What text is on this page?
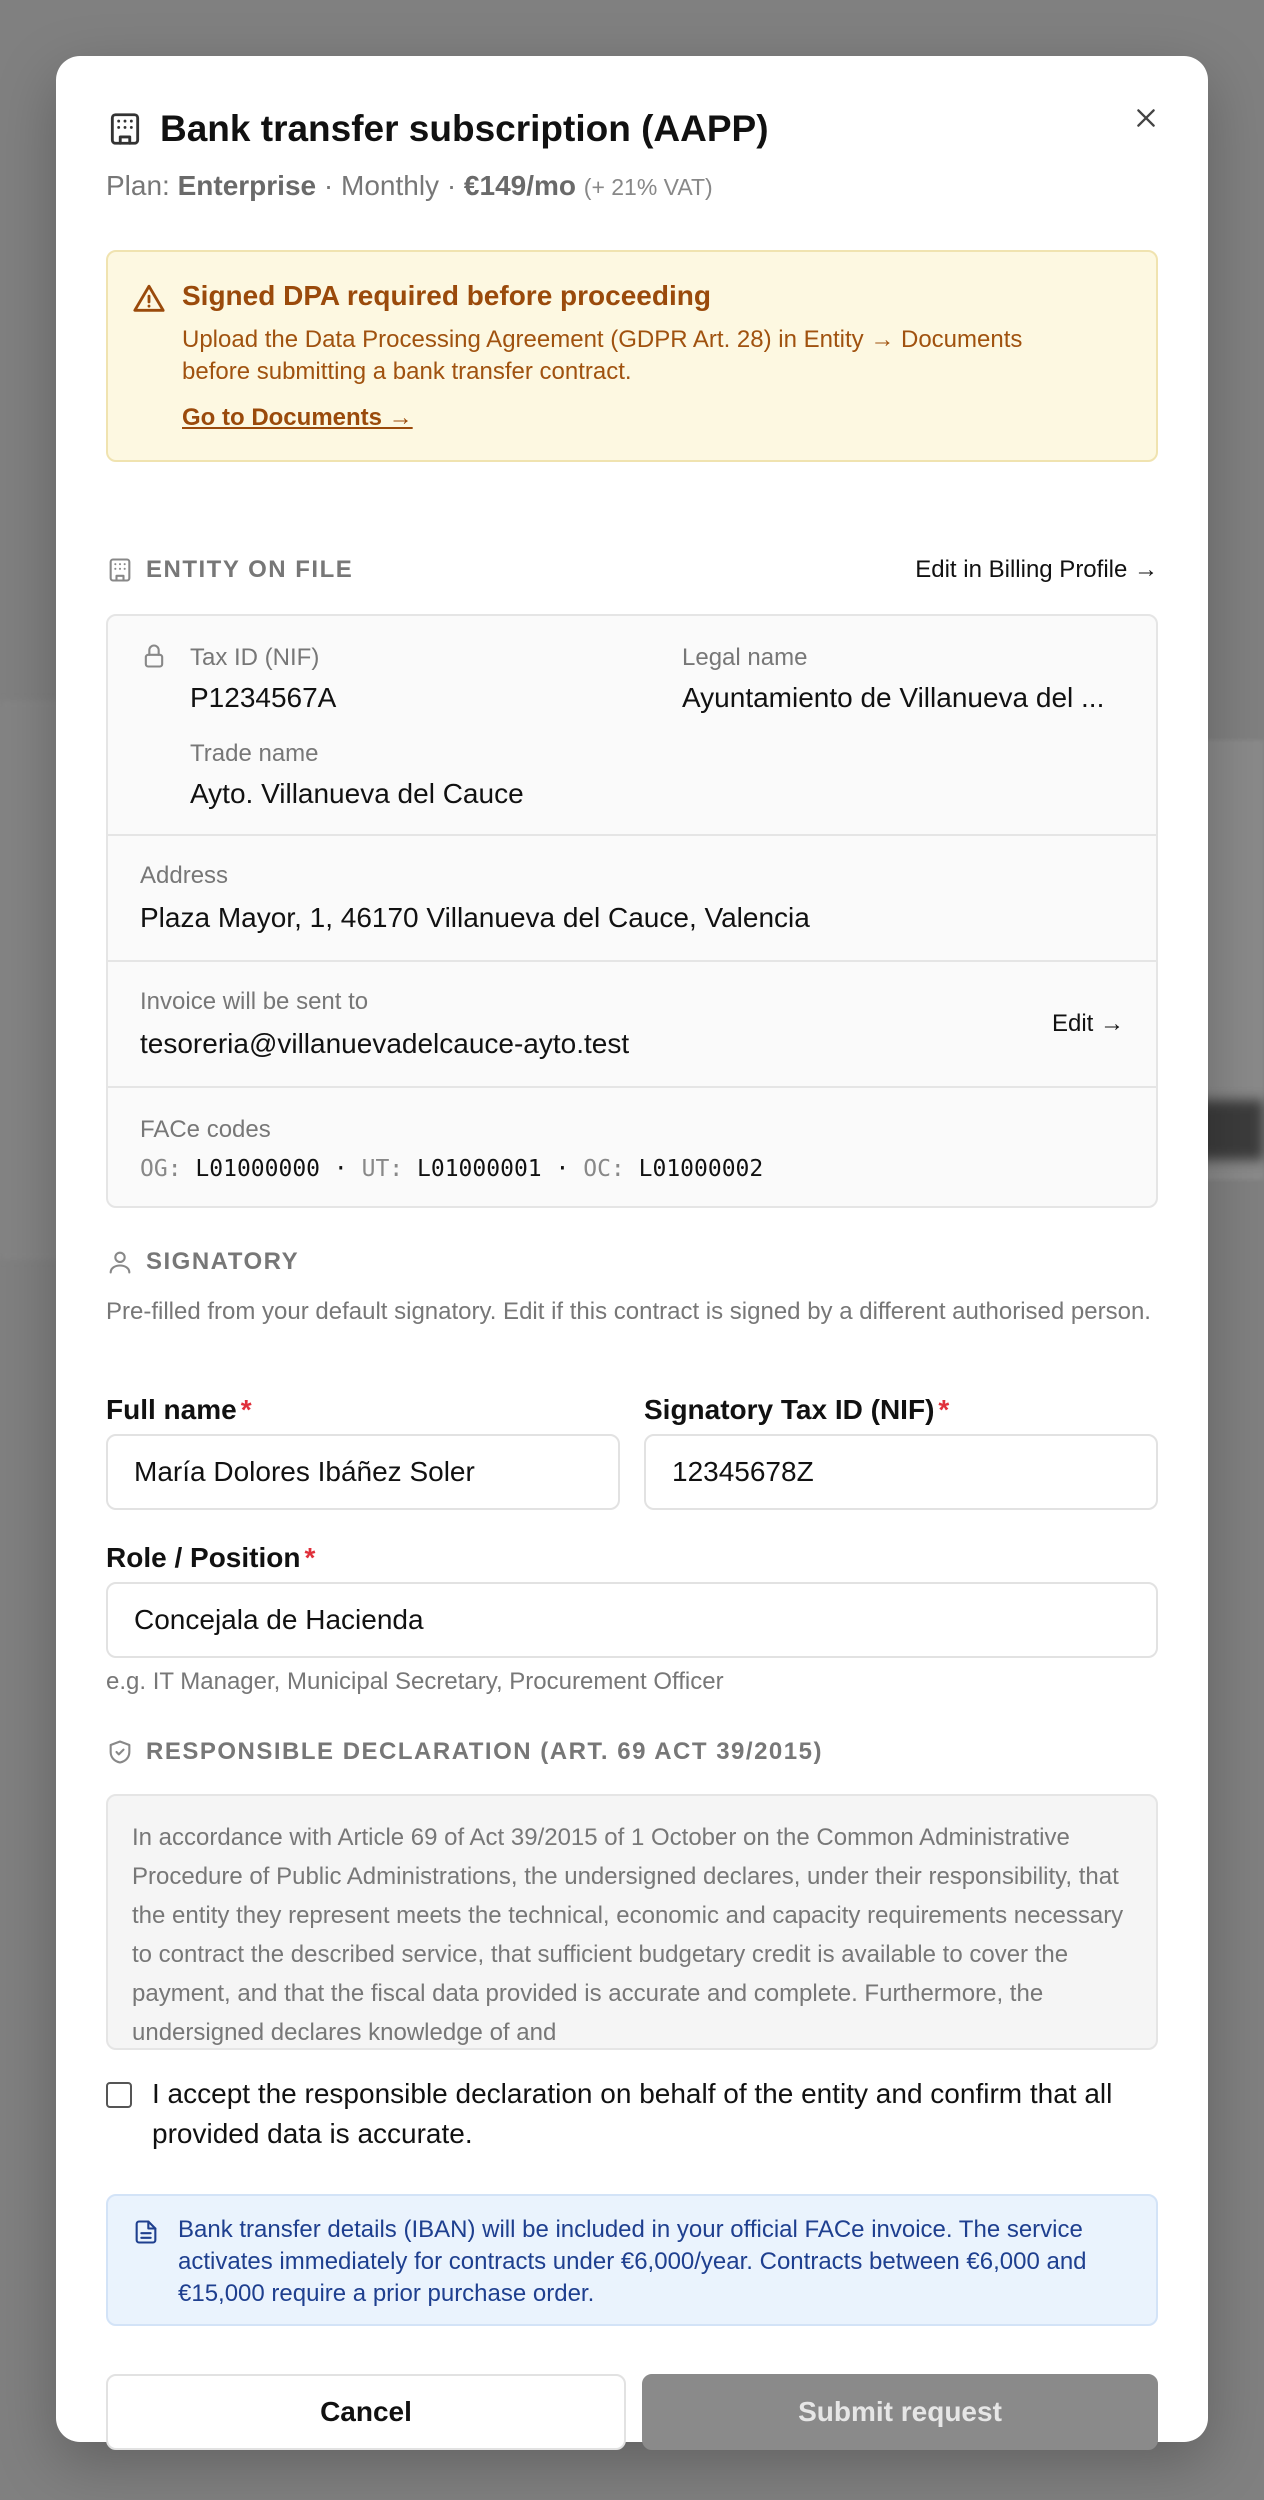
Bank transfer subscription (AAPP)
Plan: Enterprise · Monthly · €149/mo (+ 21% VAT)
Signed DPA required before proceeding
Upload the Data Processing Agreement (GDPR Art. 28) in Entity → Documents before submitting a bank transfer contract.
Go to Documents →
ENTITY ON FILE	Edit in Billing Profile →
Tax ID (NIF)
P1234567A
Legal name
Ayuntamiento de Villanueva del ...
Trade name
Ayto. Villanueva del Cauce
Address
Plaza Mayor, 1, 46170 Villanueva del Cauce, Valencia
Invoice will be sent to
tesoreria@villanuevadelcauce-ayto.test
Edit →
FACe codes
OG: L01000000 · UT: L01000001 · OC: L01000002
SIGNATORY
Pre-filled from your default signatory. Edit if this contract is signed by a different authorised person.
Full name *
María Dolores Ibáñez Soler
Signatory Tax ID (NIF) *
12345678Z
Role / Position *
Concejala de Hacienda
e.g. IT Manager, Municipal Secretary, Procurement Officer
RESPONSIBLE DECLARATION (ART. 69 ACT 39/2015)
In accordance with Article 69 of Act 39/2015 of 1 October on the Common Administrative Procedure of Public Administrations, the undersigned declares, under their responsibility, that the entity they represent meets the technical, economic and capacity requirements necessary to contract the described service, that sufficient budgetary credit is available to cover the payment, and that the fiscal data provided is accurate and complete. Furthermore, the undersigned declares knowledge of and
I accept the responsible declaration on behalf of the entity and confirm that all provided data is accurate.
Bank transfer details (IBAN) will be included in your official FACe invoice. The service activates immediately for contracts under €6,000/year. Contracts between €6,000 and €15,000 require a prior purchase order.
Cancel	Submit request
